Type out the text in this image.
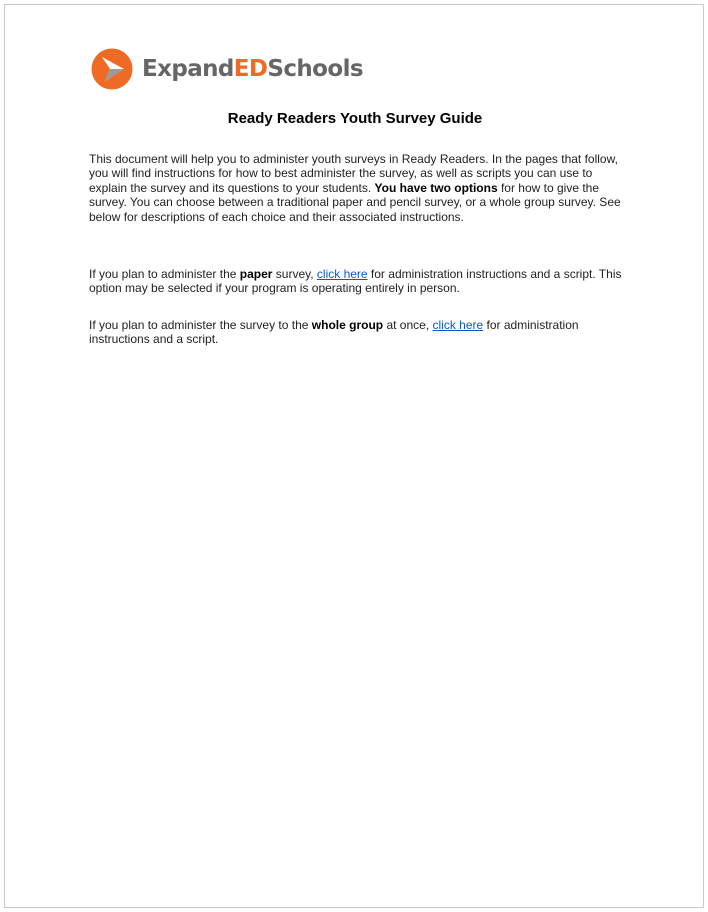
ExpandEDSchools
Ready Readers Youth Survey Guide

This document will help you to administer youth surveys in Ready Readers. In the pages that follow, you will find instructions for how to best administer the survey, as well as scripts you can use to explain the survey and its questions to your students. You have two options for how to give the survey. You can choose between a traditional paper and pencil survey, or a whole group survey. See below for descriptions of each choice and their associated instructions.

If you plan to administer the paper survey, click here for administration instructions and a script. This option may be selected if your program is operating entirely in person.

If you plan to administer the survey to the whole group at once, click here for administration instructions and a script.
